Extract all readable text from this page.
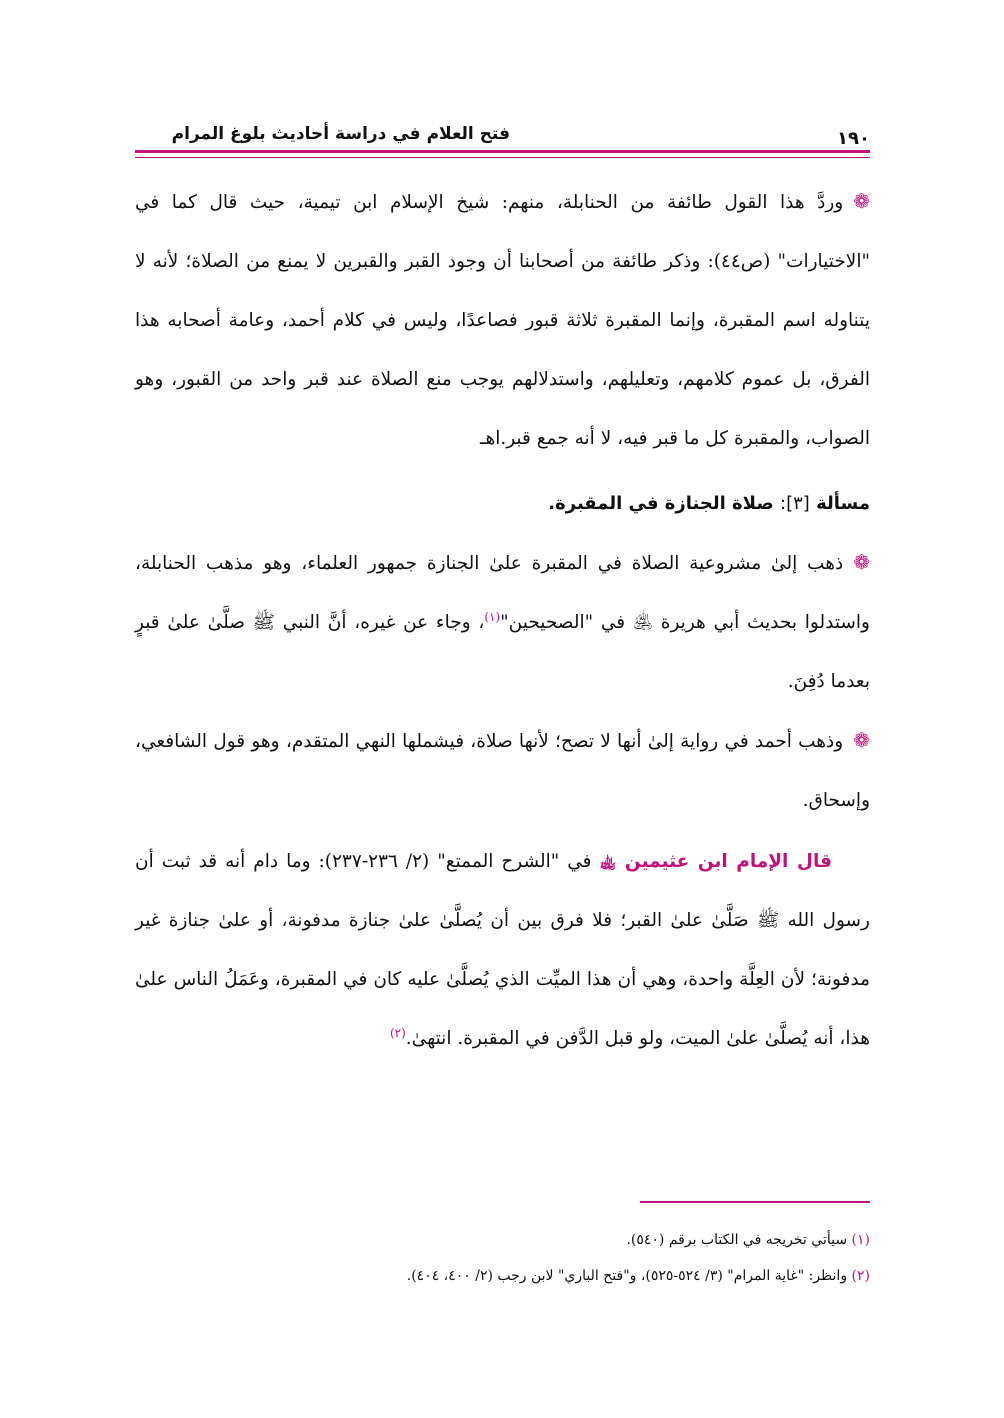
١٩٠
فتح العلام في دراسة أحاديث بلوغ المرام

❁وردَّ هذا القول طائفة من الحنابلة، منهم: شيخ الإسلام ابن تيمية، حيث قال كما في "الاختيارات" (ص٤٤): وذكر طائفة من أصحابنا أن وجود القبر والقبرين لا يمنع من الصلاة؛ لأنه لا يتناوله اسم المقبرة، وإنما المقبرة ثلاثة قبور فصاعدًا، وليس في كلام أحمد، وعامة أصحابه هذا الفرق، بل عموم كلامهم، وتعليلهم، واستدلالهم يوجب منع الصلاة عند قبر واحد من القبور، وهو الصواب، والمقبرة كل ما قبر فيه، لا أنه جمع قبر.اهـ

مسألة [٣]: صلاة الجنازة في المقبرة.

❁ذهب إلىٰ مشروعية الصلاة في المقبرة علىٰ الجنازة جمهور العلماء، وهو مذهب الحنابلة، واستدلوا بحديث أبي هريرة ﵁ في "الصحيحين"$^{(١)}$، وجاء عن غيره، أنَّ النبي ﷺ صلَّىٰ علىٰ قبرٍ بعدما دُفِنَ.

❁وذهب أحمد في رواية إلىٰ أنها لا تصح؛ لأنها صلاة، فيشملها النهي المتقدم، وهو قول الشافعي، وإسحاق.

قال الإمام ابن عثيمين ﵀ في "الشرح الممتع" (٢/ ٢٣٦-٢٣٧): وما دام أنه قد ثبت أن رسول الله ﷺ صَلَّىٰ علىٰ القبر؛ فلا فرق بين أن يُصلَّىٰ علىٰ جنازة مدفونة، أو علىٰ جنازة غير مدفونة؛ لأن العِلَّة واحدة، وهي أن هذا الميِّت الذي يُصلَّىٰ عليه كان في المقبرة، وعَمَلُ الناس علىٰ هذا، أنه يُصلَّىٰ علىٰ الميت، ولو قبل الدَّفن في المقبرة. انتهىٰ.$^{(٢)}$

(١) سيأتي تخريجه في الكتاب برقم (٥٤٠).
(٢) وانظر: "غاية المرام" (٣/ ٥٢٤-٥٢٥)، و"فتح الباري" لابن رجب (٢/ ٤٠٠، ٤٠٤).
